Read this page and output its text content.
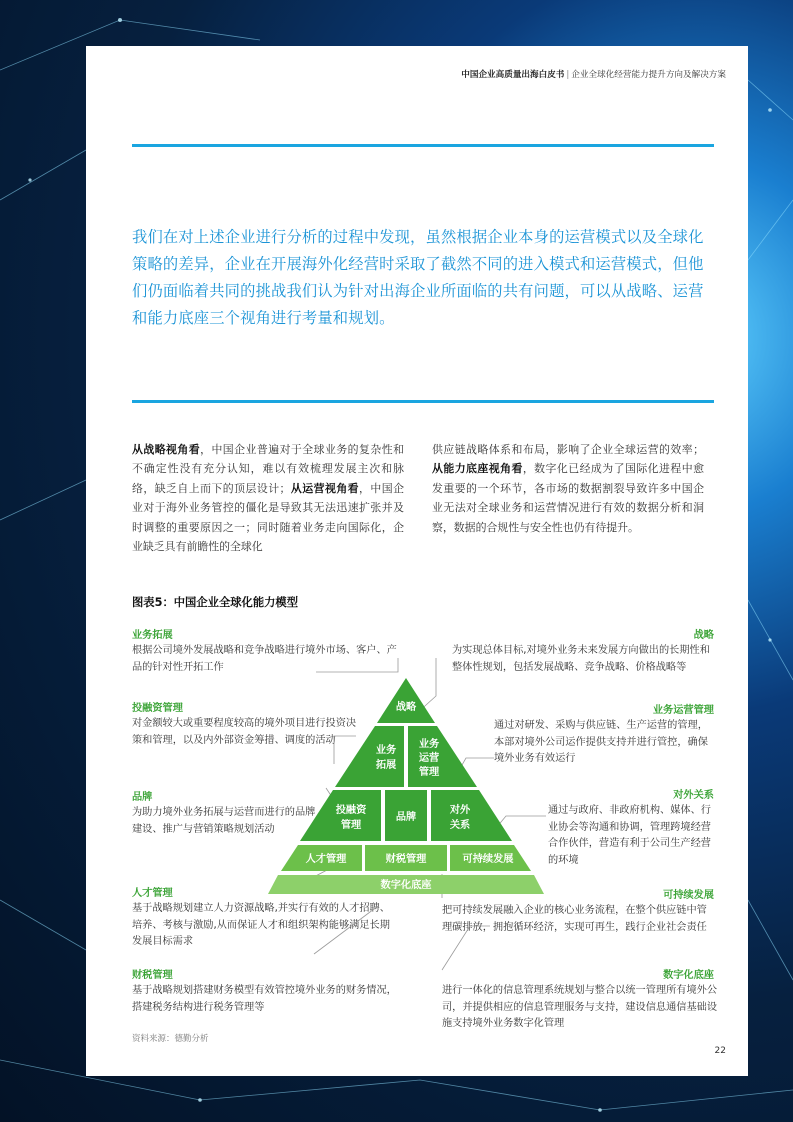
中国企业高质量出海白皮书 | 企业全球化经营能力提升方向及解决方案
我们在对上述企业进行分析的过程中发现，虽然根据企业本身的运营模式以及全球化策略的差异，企业在开展海外化经营时采取了截然不同的进入模式和运营模式，但他们仍面临着共同的挑战我们认为针对出海企业所面临的共有问题，可以从战略、运营和能力底座三个视角进行考量和规划。
从战略视角看，中国企业普遍对于全球业务的复杂性和不确定性没有充分认知，难以有效梳理发展主次和脉络，缺乏自上而下的顶层设计；从运营视角看，中国企业对于海外业务管控的僵化是导致其无法迅速扩张并及时调整的重要原因之一；同时随着业务走向国际化，企业缺乏具有前瞻性的全球化
供应链战略体系和布局，影响了企业全球运营的效率；从能力底座视角看，数字化已经成为了国际化进程中愈发重要的一个环节，各市场的数据割裂导致许多中国企业无法对全球业务和运营情况进行有效的数据分析和洞察，数据的合规性与安全性也仍有待提升。
图表5：中国企业全球化能力模型
业务拓展
根据公司境外发展战略和竞争战略进行境外市场、客户、产品的针对性开拓工作
投融资管理
对金额较大或重要程度较高的境外项目进行投资决策和管理，以及内外部资金筹措、调度的活动
品牌
为助力境外业务拓展与运营而进行的品牌建设、推广与营销策略规划活动
人才管理
基于战略规划建立人力资源战略,并实行有效的人才招聘、培养、考核与激励,从而保证人才和组织架构能够满足长期发展目标需求
财税管理
基于战略规划搭建财务模型有效管控境外业务的财务情况，搭建税务结构进行税务管理等
战略
为实现总体目标,对境外业务未来发展方向做出的长期性和整体性规划，包括发展战略、竞争战略、价格战略等
业务运营管理
通过对研发、采购与供应链、生产运营的管理，本部对境外公司运作提供支持并进行管控，确保境外业务有效运行
对外关系
通过与政府、非政府机构、媒体、行业协会等沟通和协调，管理跨境经营合作伙伴，营造有利于公司生产经营的环境
可持续发展
把可持续发展融入企业的核心业务流程，在整个供应链中管理碳排放，拥抱循环经济，实现可再生，践行企业社会责任
数字化底座
进行一体化的信息管理系统规划与整合以统一管理所有境外公司，并提供相应的信息管理服务与支持，建设信息通信基础设施支持境外业务数字化管理
战略
业务
拓展
业务
运营
管理
投融资
管理
品牌
对外
关系
人才管理	财税管理	可持续发展
数字化底座
资料来源：德勤分析
22
